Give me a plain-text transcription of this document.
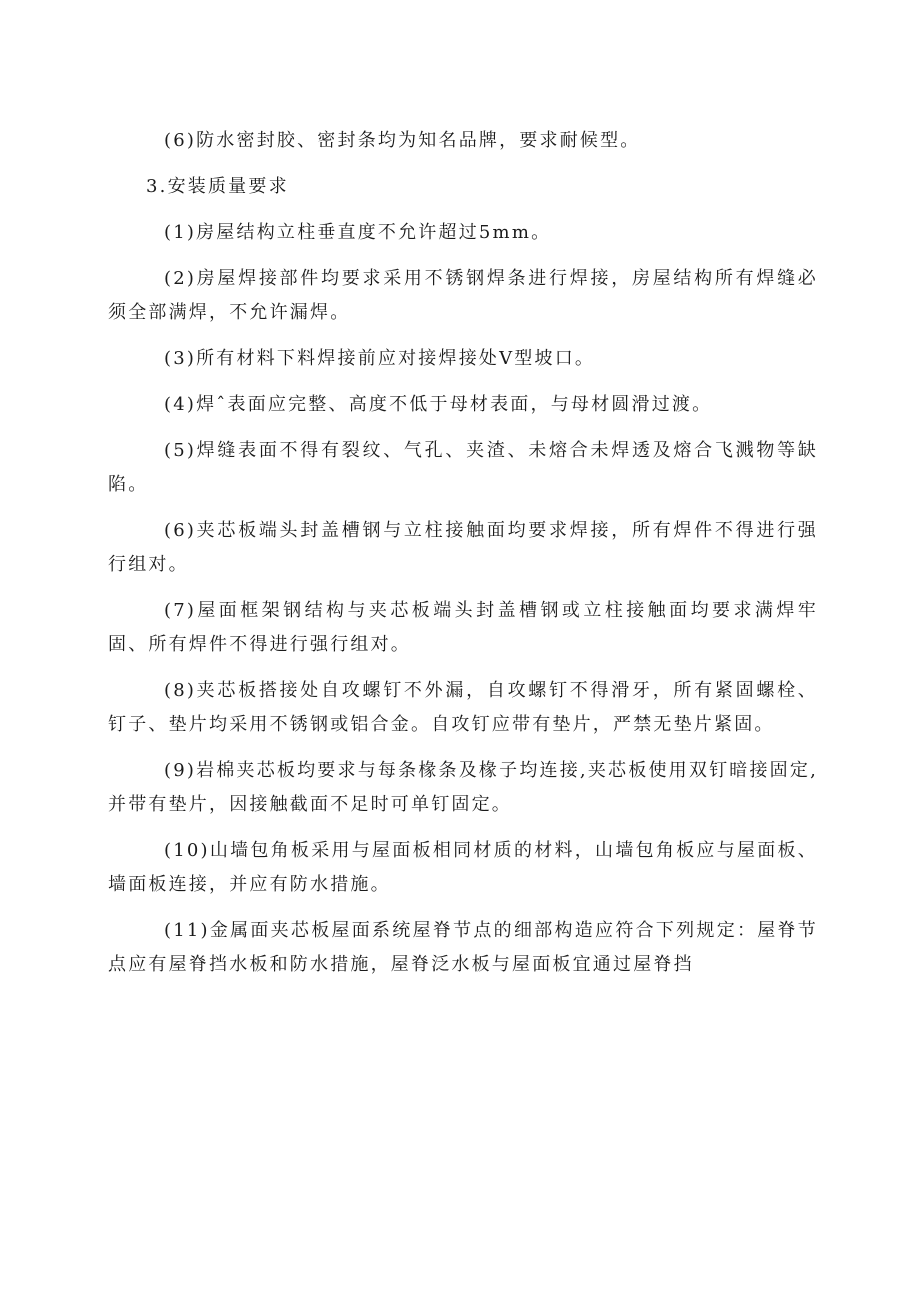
(6)防水密封胶、密封条均为知名品牌，要求耐候型。

3.安装质量要求

(1)房屋结构立柱垂直度不允许超过5mm。

(2)房屋焊接部件均要求采用不锈钢焊条进行焊接，房屋结构所有焊缝必须全部满焊，不允许漏焊。

(3)所有材料下料焊接前应对接焊接处V型坡口。

(4)焊ˆ表面应完整、高度不低于母材表面，与母材圆滑过渡。

(5)焊缝表面不得有裂纹、气孔、夹渣、未熔合未焊透及熔合飞溅物等缺陷。

(6)夹芯板端头封盖槽钢与立柱接触面均要求焊接，所有焊件不得进行强行组对。

(7)屋面框架钢结构与夹芯板端头封盖槽钢或立柱接触面均要求满焊牢固、所有焊件不得进行强行组对。

(8)夹芯板搭接处自攻螺钉不外漏，自攻螺钉不得滑牙，所有紧固螺栓、钉子、垫片均采用不锈钢或铝合金。自攻钉应带有垫片，严禁无垫片紧固。

(9)岩棉夹芯板均要求与每条椽条及椽子均连接,夹芯板使用双钉暗接固定,并带有垫片，因接触截面不足时可单钉固定。

(10)山墙包角板采用与屋面板相同材质的材料，山墙包角板应与屋面板、墙面板连接，并应有防水措施。

(11)金属面夹芯板屋面系统屋脊节点的细部构造应符合下列规定：屋脊节点应有屋脊挡水板和防水措施，屋脊泛水板与屋面板宜通过屋脊挡
